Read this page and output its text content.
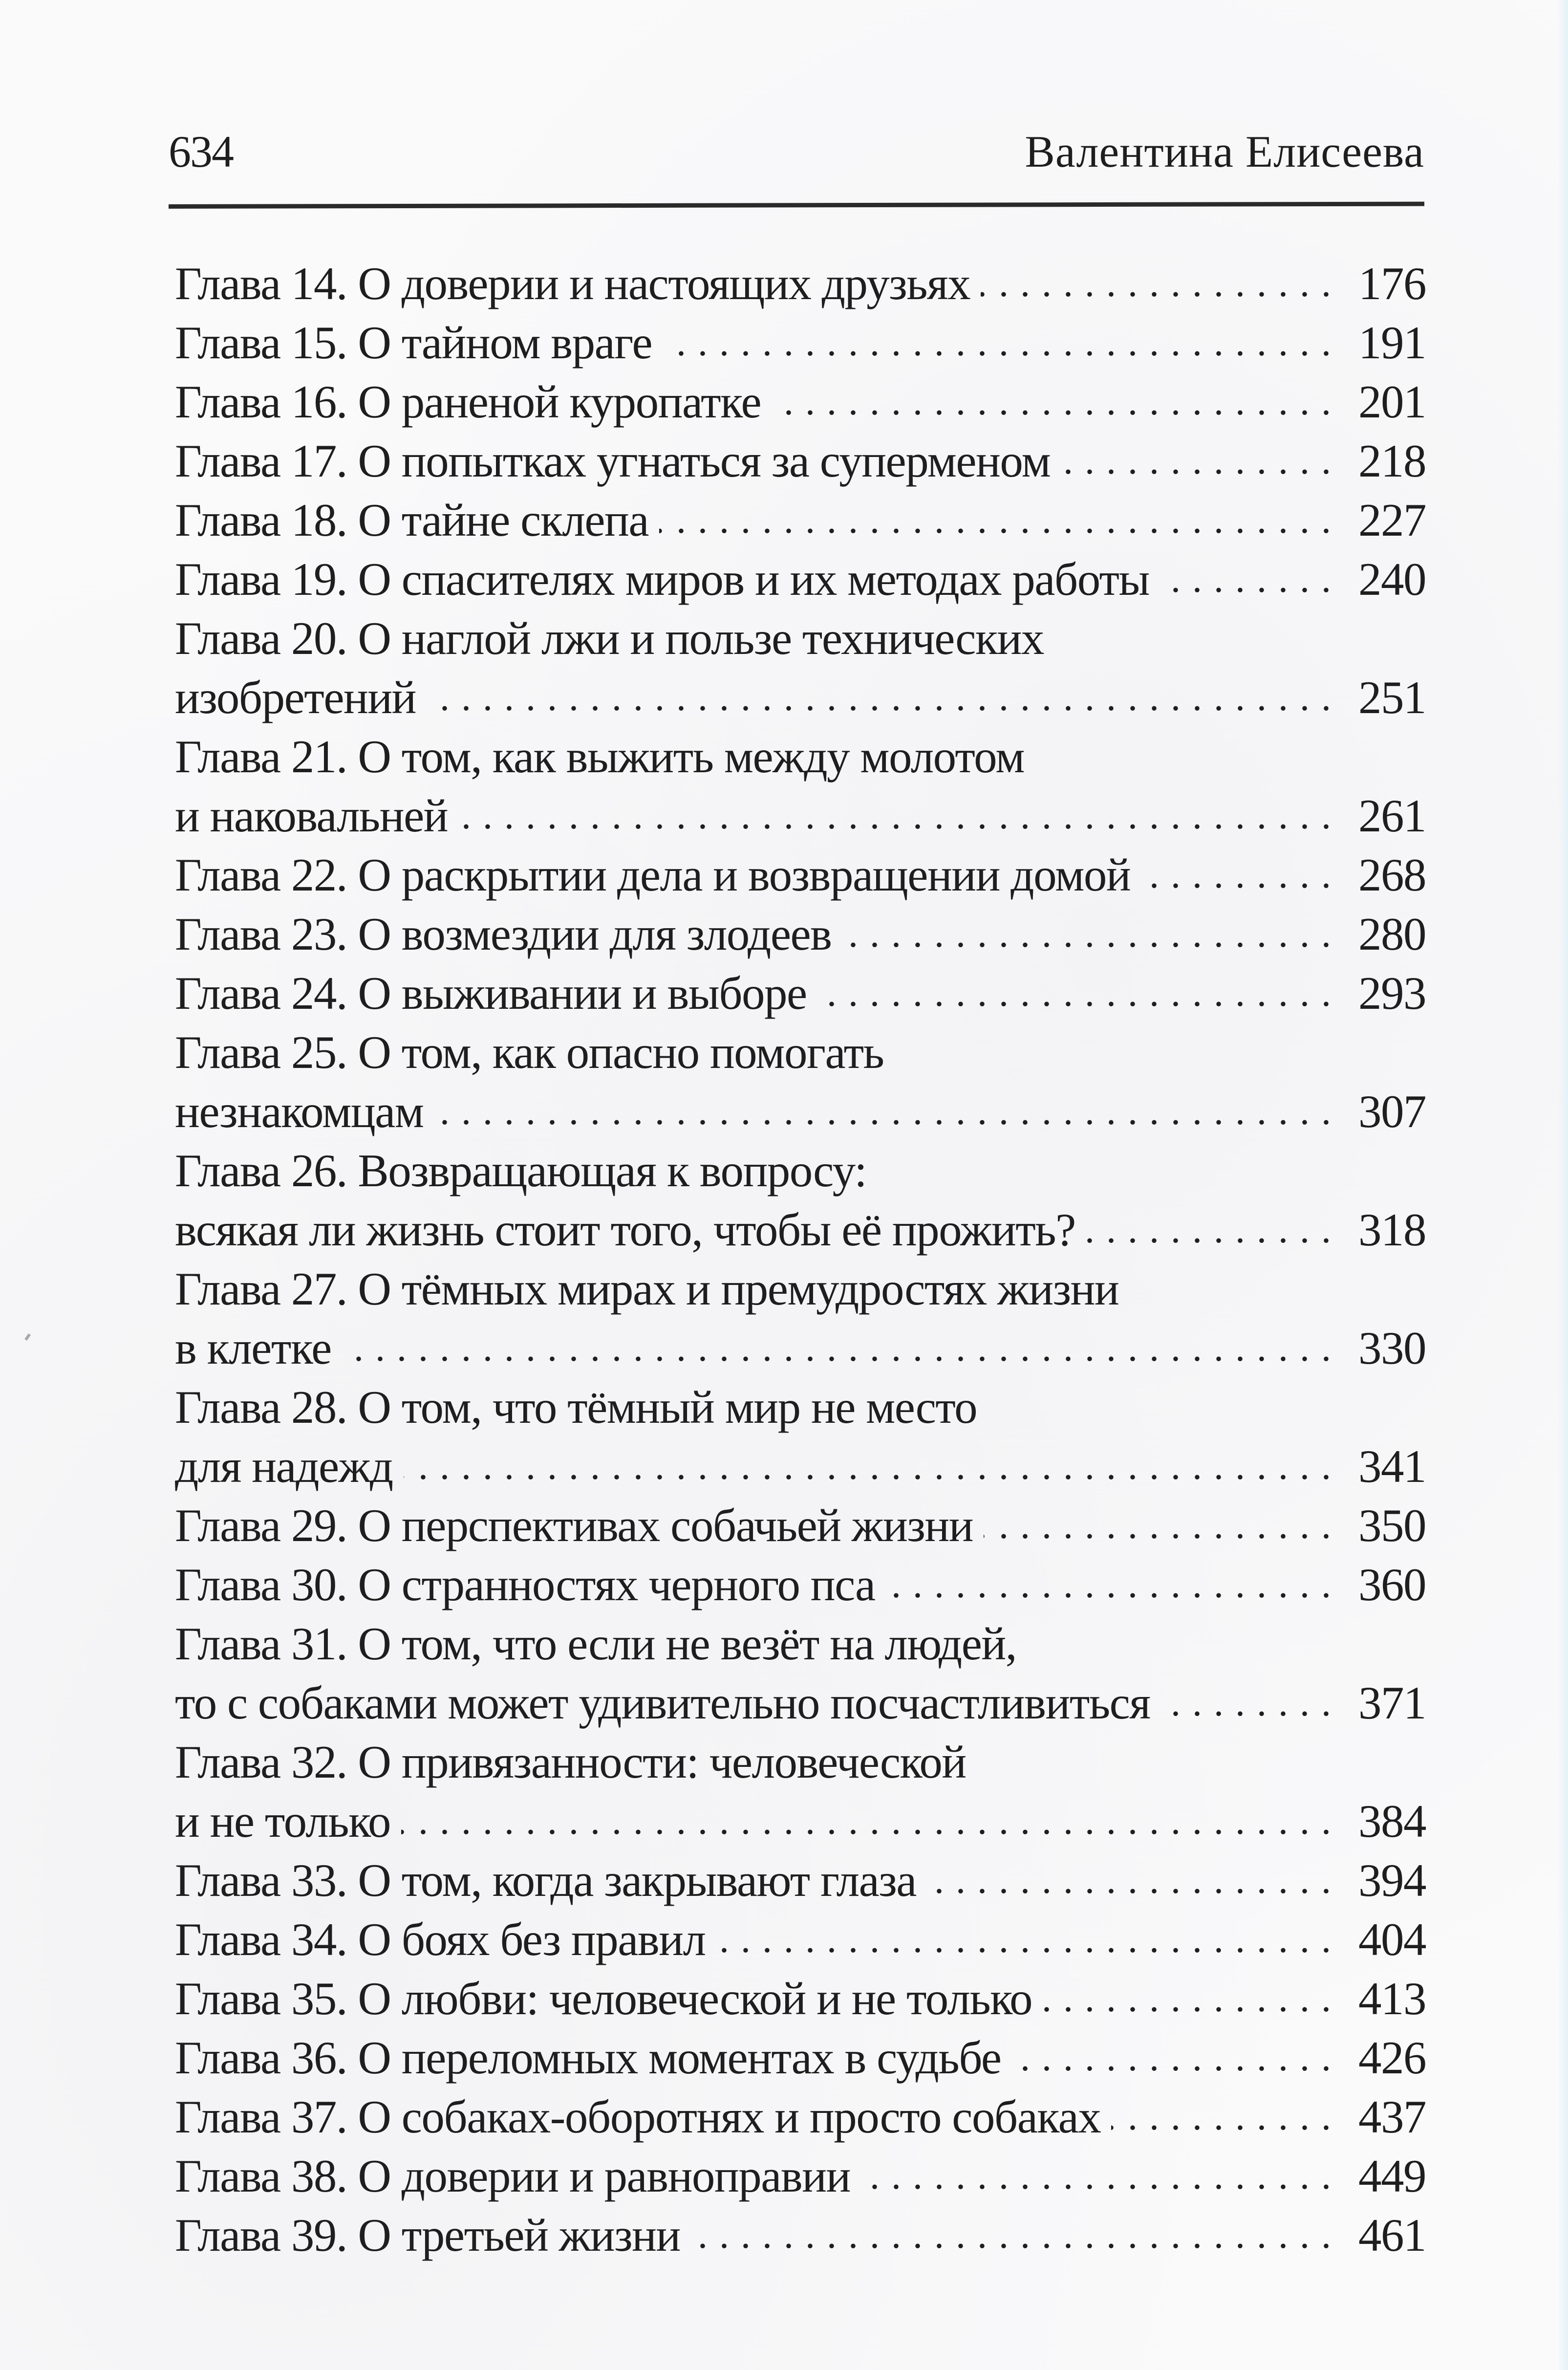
634	Валентина Елисеева
Глава 14. О доверии и настоящих друзьях . . .	176
Глава 15. О тайном враге . . .	191
Глава 16. О раненой куропатке . . .	201
Глава 17. О попытках угнаться за суперменом . . .	218
Глава 18. О тайне склепа . . .	227
Глава 19. О спасителях миров и их методах работы . . .	240
Глава 20. О наглой лжи и пользе технических
изобретений . . .	251
Глава 21. О том, как выжить между молотом
и наковальней . . .	261
Глава 22. О раскрытии дела и возвращении домой . . .	268
Глава 23. О возмездии для злодеев . . .	280
Глава 24. О выживании и выборе . . .	293
Глава 25. О том, как опасно помогать
незнакомцам . . .	307
Глава 26. Возвращающая к вопросу:
всякая ли жизнь стоит того, чтобы её прожить? . . .	318
Глава 27. О тёмных мирах и премудростях жизни
в клетке . . .	330
Глава 28. О том, что тёмный мир не место
для надежд . . .	341
Глава 29. О перспективах собачьей жизни . . .	350
Глава 30. О странностях черного пса . . .	360
Глава 31. О том, что если не везёт на людей,
то с собаками может удивительно посчастливиться . . .	371
Глава 32. О привязанности: человеческой
и не только . . .	384
Глава 33. О том, когда закрывают глаза . . .	394
Глава 34. О боях без правил . . .	404
Глава 35. О любви: человеческой и не только . . .	413
Глава 36. О переломных моментах в судьбе . . .	426
Глава 37. О собаках-оборотнях и просто собаках . . .	437
Глава 38. О доверии и равноправии . . .	449
Глава 39. О третьей жизни . . .	461
